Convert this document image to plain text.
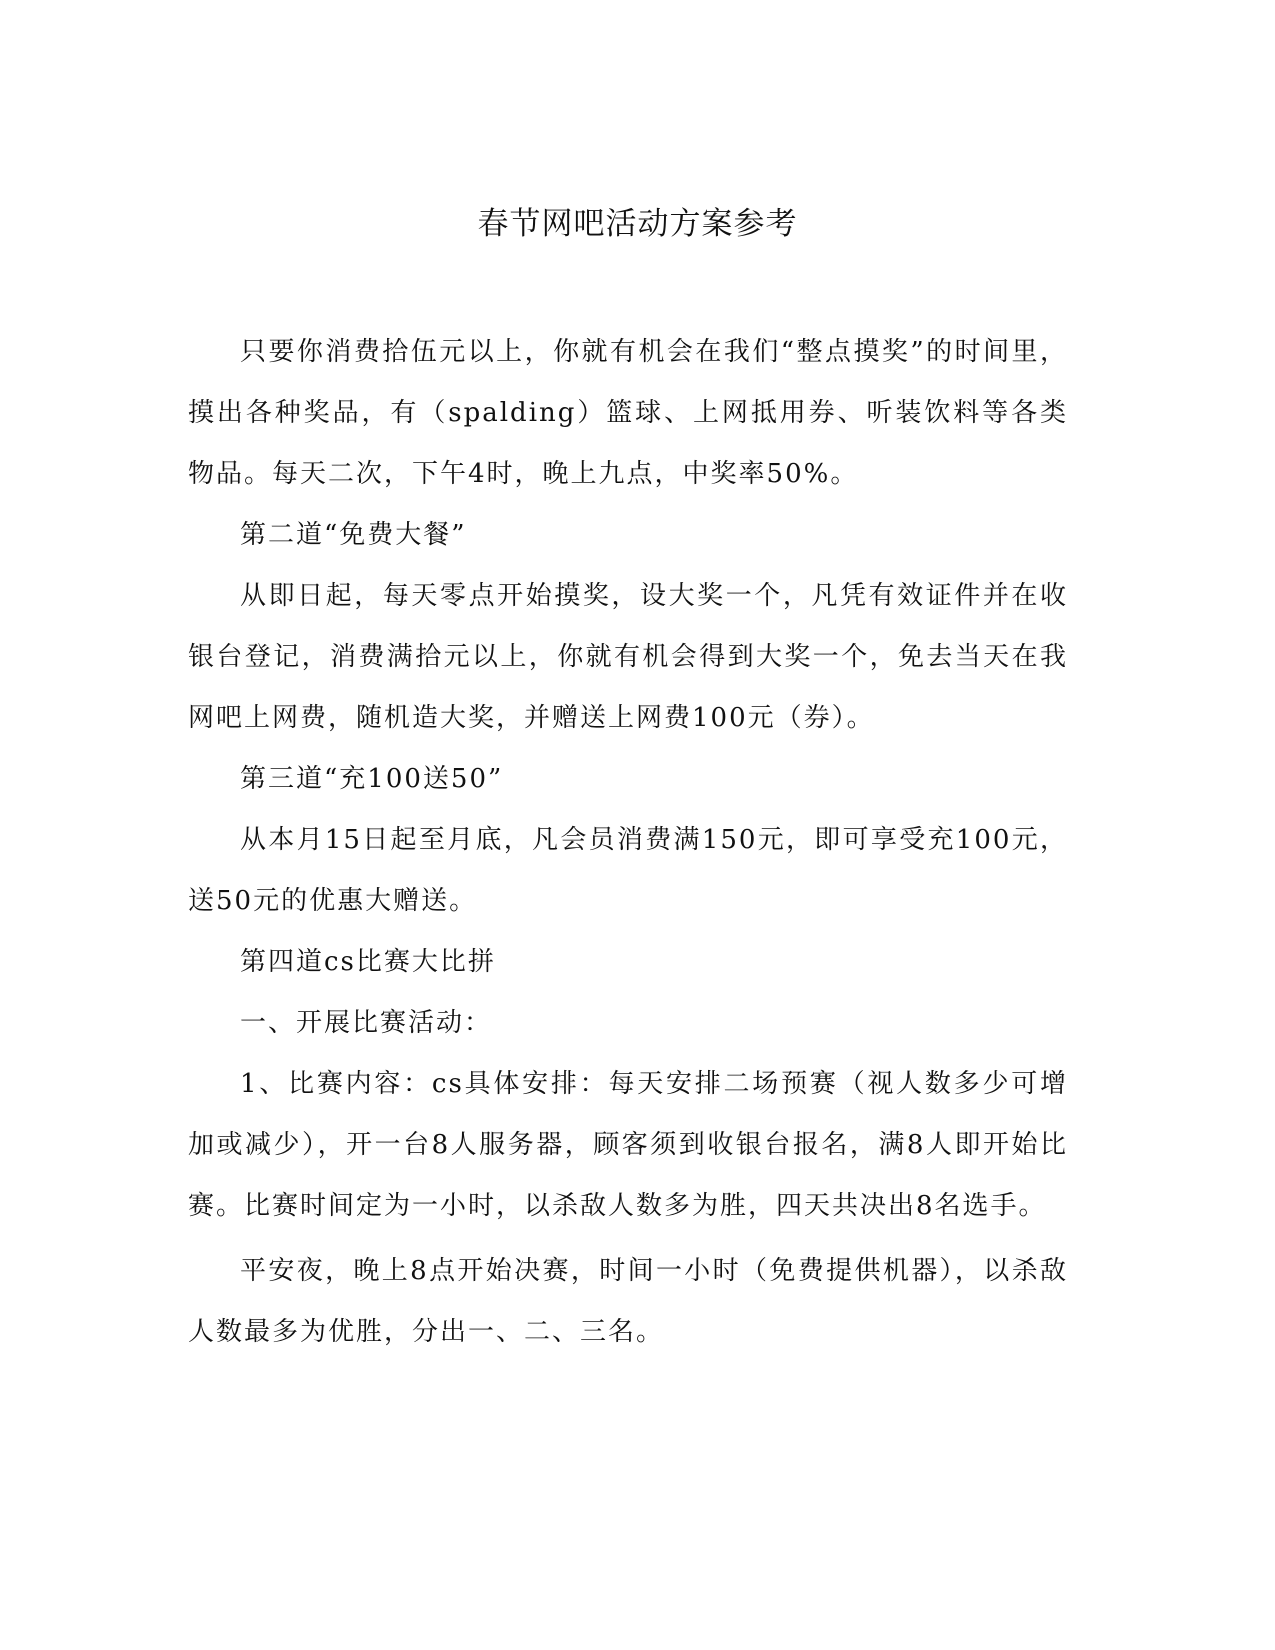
春节网吧活动方案参考

只要你消费拾伍元以上，你就有机会在我们“整点摸奖”的时间里，摸出各种奖品，有（spalding）篮球、上网抵用券、听装饮料等各类物品。每天二次，下午4时，晚上九点，中奖率50%。

第二道“免费大餐”

从即日起，每天零点开始摸奖，设大奖一个，凡凭有效证件并在收银台登记，消费满拾元以上，你就有机会得到大奖一个，免去当天在我网吧上网费，随机造大奖，并赠送上网费100元（券）。

第三道“充100送50”

从本月15日起至月底，凡会员消费满150元，即可享受充100元，送50元的优惠大赠送。

第四道cs比赛大比拼

一、开展比赛活动：

1、比赛内容：cs具体安排：每天安排二场预赛（视人数多少可增加或减少），开一台8人服务器，顾客须到收银台报名，满8人即开始比赛。比赛时间定为一小时，以杀敌人数多为胜，四天共决出8名选手。

平安夜，晚上8点开始决赛，时间一小时（免费提供机器），以杀敌人数最多为优胜，分出一、二、三名。
